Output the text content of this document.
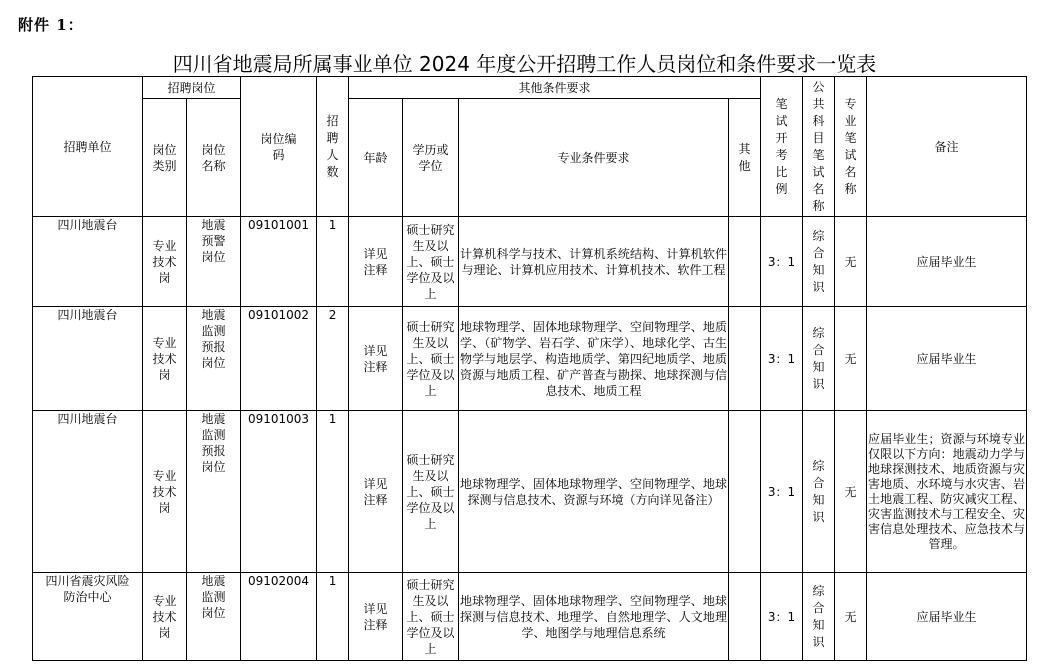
附件 1：
四川省地震局所属事业单位 2024 年度公开招聘工作人员岗位和条件要求一览表
招聘单位	招聘岗位		岗位编码	招聘人数	其他条件要求				笔试开考比例	公共科目笔试名称	专业笔试名称	备注
	岗位类别	岗位名称			年龄	学历或学位	专业条件要求	其他				
四川地震台	专业技术岗	地震预警岗位	09101001	1	详见注释	硕士研究生及以上、硕士学位及以上	计算机科学与技术、计算机系统结构、计算机软件与理论、计算机应用技术、计算机技术、软件工程		3：1	综合知识	无	应届毕业生
四川地震台	专业技术岗	地震监测预报岗位	09101002	2	详见注释	硕士研究生及以上、硕士学位及以上	地球物理学、固体地球物理学、空间物理学、地质学、（矿物学、岩石学、矿床学）、地球化学、古生物学与地层学、构造地质学、第四纪地质学、地质资源与地质工程、矿产普查与勘探、地球探测与信息技术、地质工程		3：1	综合知识	无	应届毕业生
四川地震台	专业技术岗	地震监测预报岗位	09101003	1	详见注释	硕士研究生及以上、硕士学位及以上	地球物理学、固体地球物理学、空间物理学、地球探测与信息技术、资源与环境（方向详见备注）		3：1	综合知识	无	应届毕业生；资源与环境专业仅限以下方向：地震动力学与地球探测技术、地质资源与灾害地质、水环境与水灾害、岩土地震工程、防灾减灾工程、灾害监测技术与工程安全、灾害信息处理技术、应急技术与管理。
四川省震灾风险防治中心	专业技术岗	地震监测岗位	09102004	1	详见注释	硕士研究生及以上、硕士学位及以上	地球物理学、固体地球物理学、空间物理学、地球探测与信息技术、地理学、自然地理学、人文地理学、地图学与地理信息系统		3：1	综合知识	无	应届毕业生
